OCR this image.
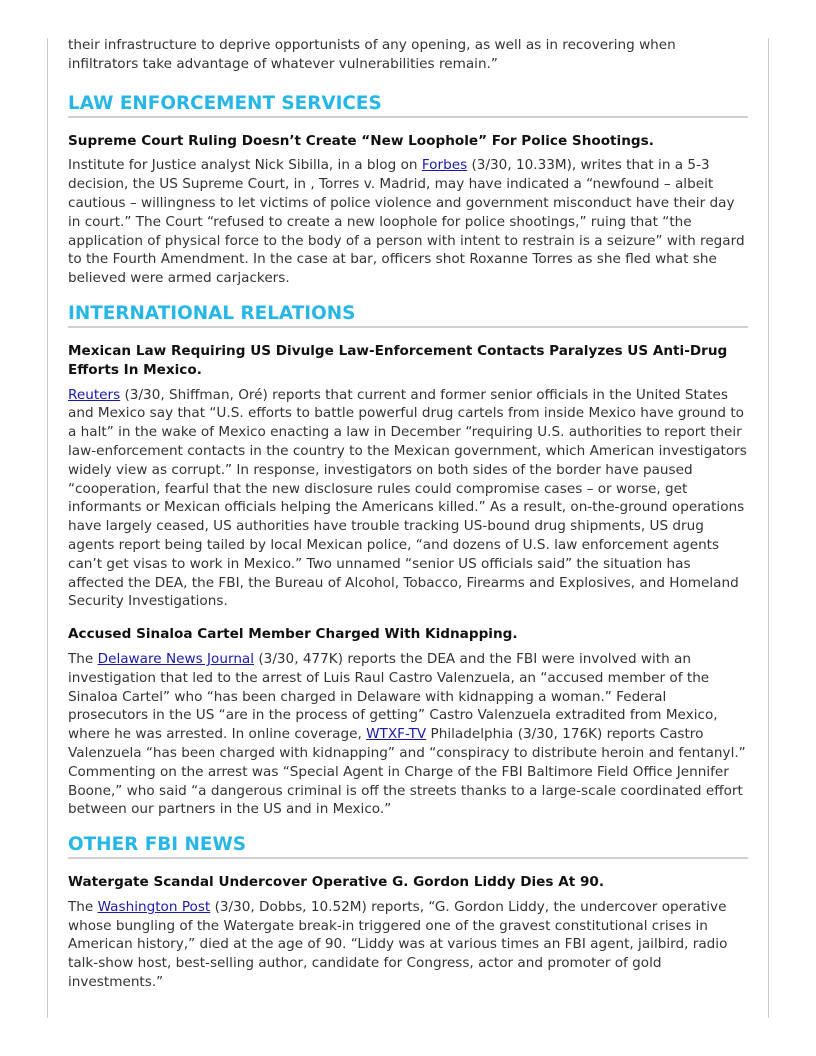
their infrastructure to deprive opportunists of any opening, as well as in recovering when infiltrators take advantage of whatever vulnerabilities remain.”

LAW ENFORCEMENT SERVICES
Supreme Court Ruling Doesn’t Create “New Loophole” For Police Shootings.

Institute for Justice analyst Nick Sibilla, in a blog on Forbes (3/30, 10.33M), writes that in a 5-3 decision, the US Supreme Court, in , Torres v. Madrid, may have indicated a “newfound – albeit cautious – willingness to let victims of police violence and government misconduct have their day in court.” The Court “refused to create a new loophole for police shootings,” ruing that “the application of physical force to the body of a person with intent to restrain is a seizure” with regard to the Fourth Amendment. In the case at bar, officers shot Roxanne Torres as she fled what she believed were armed carjackers.

INTERNATIONAL RELATIONS
Mexican Law Requiring US Divulge Law-Enforcement Contacts Paralyzes US Anti-Drug Efforts In Mexico.

Reuters (3/30, Shiffman, Oré) reports that current and former senior officials in the United States and Mexico say that “U.S. efforts to battle powerful drug cartels from inside Mexico have ground to a halt” in the wake of Mexico enacting a law in December “requiring U.S. authorities to report their law-enforcement contacts in the country to the Mexican government, which American investigators widely view as corrupt.” In response, investigators on both sides of the border have paused “cooperation, fearful that the new disclosure rules could compromise cases – or worse, get informants or Mexican officials helping the Americans killed.” As a result, on-the-ground operations have largely ceased, US authorities have trouble tracking US-bound drug shipments, US drug agents report being tailed by local Mexican police, “and dozens of U.S. law enforcement agents can’t get visas to work in Mexico.” Two unnamed “senior US officials said” the situation has affected the DEA, the FBI, the Bureau of Alcohol, Tobacco, Firearms and Explosives, and Homeland Security Investigations.

Accused Sinaloa Cartel Member Charged With Kidnapping.

The Delaware News Journal (3/30, 477K) reports the DEA and the FBI were involved with an investigation that led to the arrest of Luis Raul Castro Valenzuela, an “accused member of the Sinaloa Cartel” who “has been charged in Delaware with kidnapping a woman.” Federal prosecutors in the US “are in the process of getting” Castro Valenzuela extradited from Mexico, where he was arrested. In online coverage, WTXF-TV Philadelphia (3/30, 176K) reports Castro Valenzuela “has been charged with kidnapping” and “conspiracy to distribute heroin and fentanyl.” Commenting on the arrest was “Special Agent in Charge of the FBI Baltimore Field Office Jennifer Boone,” who said “a dangerous criminal is off the streets thanks to a large-scale coordinated effort between our partners in the US and in Mexico.”

OTHER FBI NEWS
Watergate Scandal Undercover Operative G. Gordon Liddy Dies At 90.

The Washington Post (3/30, Dobbs, 10.52M) reports, “G. Gordon Liddy, the undercover operative whose bungling of the Watergate break-in triggered one of the gravest constitutional crises in American history,” died at the age of 90. “Liddy was at various times an FBI agent, jailbird, radio talk-show host, best-selling author, candidate for Congress, actor and promoter of gold investments.”
